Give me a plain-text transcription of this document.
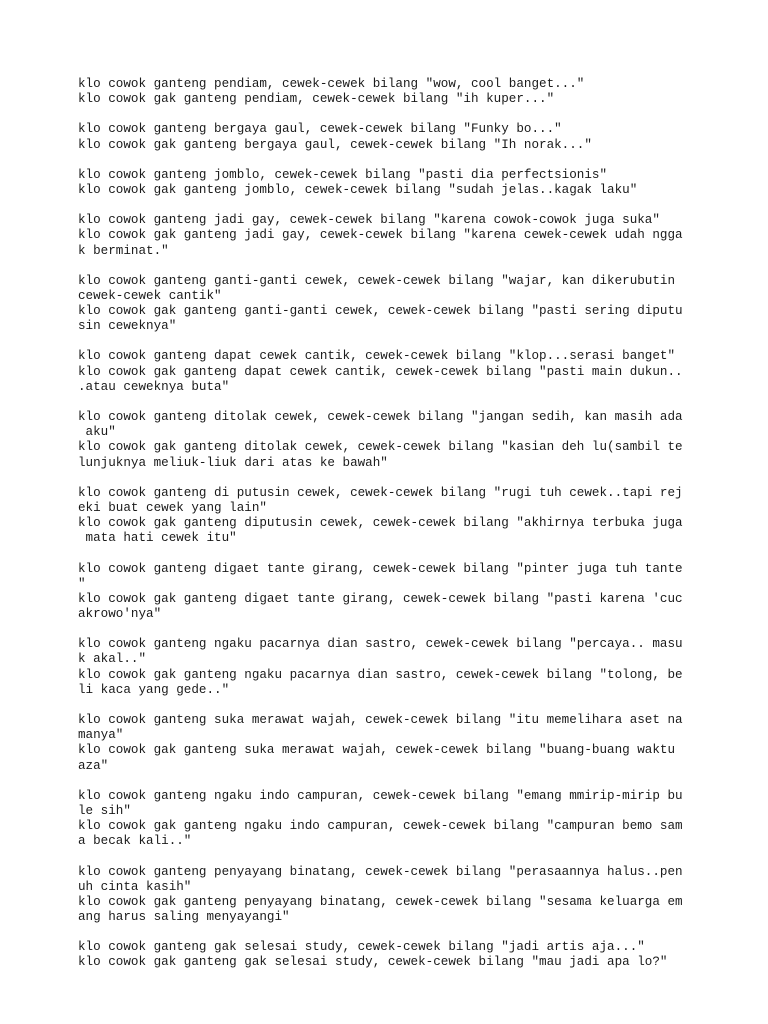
klo cowok ganteng pendiam, cewek-cewek bilang "wow, cool banget..."
klo cowok gak ganteng pendiam, cewek-cewek bilang "ih kuper..."
klo cowok ganteng bergaya gaul, cewek-cewek bilang "Funky bo..."
klo cowok gak ganteng bergaya gaul, cewek-cewek bilang "Ih norak..."
klo cowok ganteng jomblo, cewek-cewek bilang "pasti dia perfectsionis"
klo cowok gak ganteng jomblo, cewek-cewek bilang "sudah jelas..kagak laku"
klo cowok ganteng jadi gay, cewek-cewek bilang "karena cowok-cowok juga suka"
klo cowok gak ganteng jadi gay, cewek-cewek bilang "karena cewek-cewek udah ngga
k berminat."
klo cowok ganteng ganti-ganti cewek, cewek-cewek bilang "wajar, kan dikerubutin
cewek-cewek cantik"
klo cowok gak ganteng ganti-ganti cewek, cewek-cewek bilang "pasti sering diputu
sin ceweknya"
klo cowok ganteng dapat cewek cantik, cewek-cewek bilang "klop...serasi banget"
klo cowok gak ganteng dapat cewek cantik, cewek-cewek bilang "pasti main dukun..
.atau ceweknya buta"
klo cowok ganteng ditolak cewek, cewek-cewek bilang "jangan sedih, kan masih ada
aku"
klo cowok gak ganteng ditolak cewek, cewek-cewek bilang "kasian deh lu(sambil te
lunjuknya meliuk-liuk dari atas ke bawah"
klo cowok ganteng di putusin cewek, cewek-cewek bilang "rugi tuh cewek..tapi rej
eki buat cewek yang lain"
klo cowok gak ganteng diputusin cewek, cewek-cewek bilang "akhirnya terbuka juga
mata hati cewek itu"
klo cowok ganteng digaet tante girang, cewek-cewek bilang "pinter juga tuh tante
"
klo cowok gak ganteng digaet tante girang, cewek-cewek bilang "pasti karena 'cuc
akrowo'nya"
klo cowok ganteng ngaku pacarnya dian sastro, cewek-cewek bilang "percaya.. masu
k akal.."
klo cowok gak ganteng ngaku pacarnya dian sastro, cewek-cewek bilang "tolong, be
li kaca yang gede.."
klo cowok ganteng suka merawat wajah, cewek-cewek bilang "itu memelihara aset na
manya"
klo cowok gak ganteng suka merawat wajah, cewek-cewek bilang "buang-buang waktu
aza"
klo cowok ganteng ngaku indo campuran, cewek-cewek bilang "emang mmirip-mirip bu
le sih"
klo cowok gak ganteng ngaku indo campuran, cewek-cewek bilang "campuran bemo sam
a becak kali.."
klo cowok ganteng penyayang binatang, cewek-cewek bilang "perasaannya halus..pen
uh cinta kasih"
klo cowok gak ganteng penyayang binatang, cewek-cewek bilang "sesama keluarga em
ang harus saling menyayangi"
klo cowok ganteng gak selesai study, cewek-cewek bilang "jadi artis aja..."
klo cowok gak ganteng gak selesai study, cewek-cewek bilang "mau jadi apa lo?"
